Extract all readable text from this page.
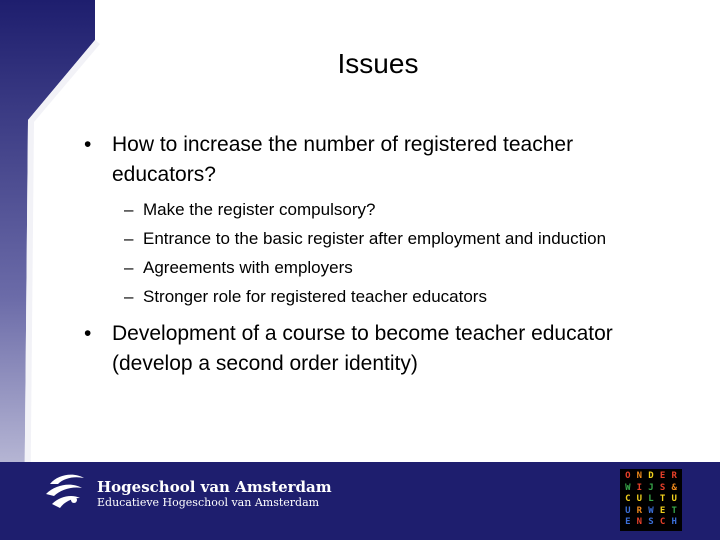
Issues
• How to increase the number of registered teacher educators?
– Make the register compulsory?
– Entrance to the basic register after employment and induction
– Agreements with employers
– Stronger role for registered teacher educators
• Development of a course to become teacher educator (develop a second order identity)
Hogeschool van Amsterdam
Educatieve Hogeschool van Amsterdam
O N D E R
W I J S &
C U L T U
U R W E T
E N S C H
